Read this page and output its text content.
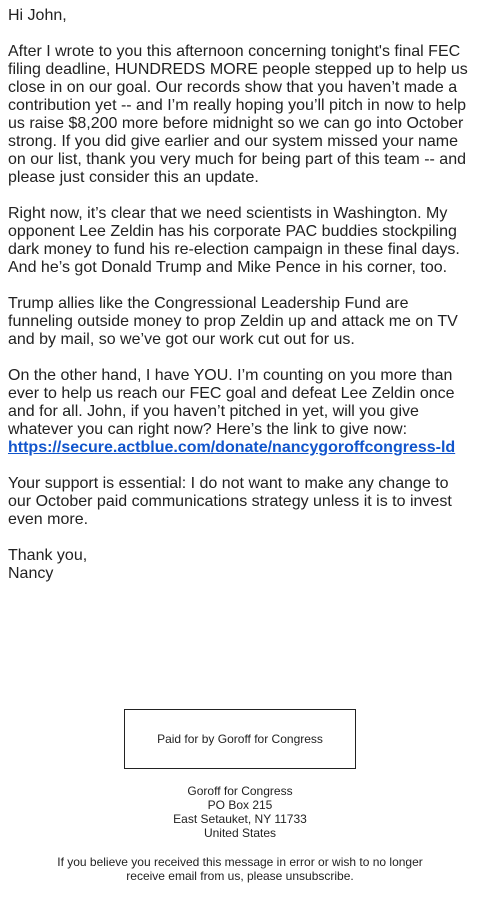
Hi John,

After I wrote to you this afternoon concerning tonight's final FEC filing deadline, HUNDREDS MORE people stepped up to help us close in on our goal. Our records show that you haven’t made a contribution yet -- and I’m really hoping you’ll pitch in now to help us raise $8,200 more before midnight so we can go into October strong. If you did give earlier and our system missed your name on our list, thank you very much for being part of this team -- and please just consider this an update.

Right now, it’s clear that we need scientists in Washington. My opponent Lee Zeldin has his corporate PAC buddies stockpiling dark money to fund his re-election campaign in these final days. And he’s got Donald Trump and Mike Pence in his corner, too.

Trump allies like the Congressional Leadership Fund are funneling outside money to prop Zeldin up and attack me on TV and by mail, so we’ve got our work cut out for us.

On the other hand, I have YOU. I’m counting on you more than ever to help us reach our FEC goal and defeat Lee Zeldin once and for all. John, if you haven’t pitched in yet, will you give whatever you can right now? Here’s the link to give now:
https://secure.actblue.com/donate/nancygoroffcongress-ld

Your support is essential: I do not want to make any change to our October paid communications strategy unless it is to invest even more.

Thank you,
Nancy

Paid for by Goroff for Congress
Goroff for Congress
PO Box 215
East Setauket, NY 11733
United States
If you believe you received this message in error or wish to no longer receive email from us, please unsubscribe.
